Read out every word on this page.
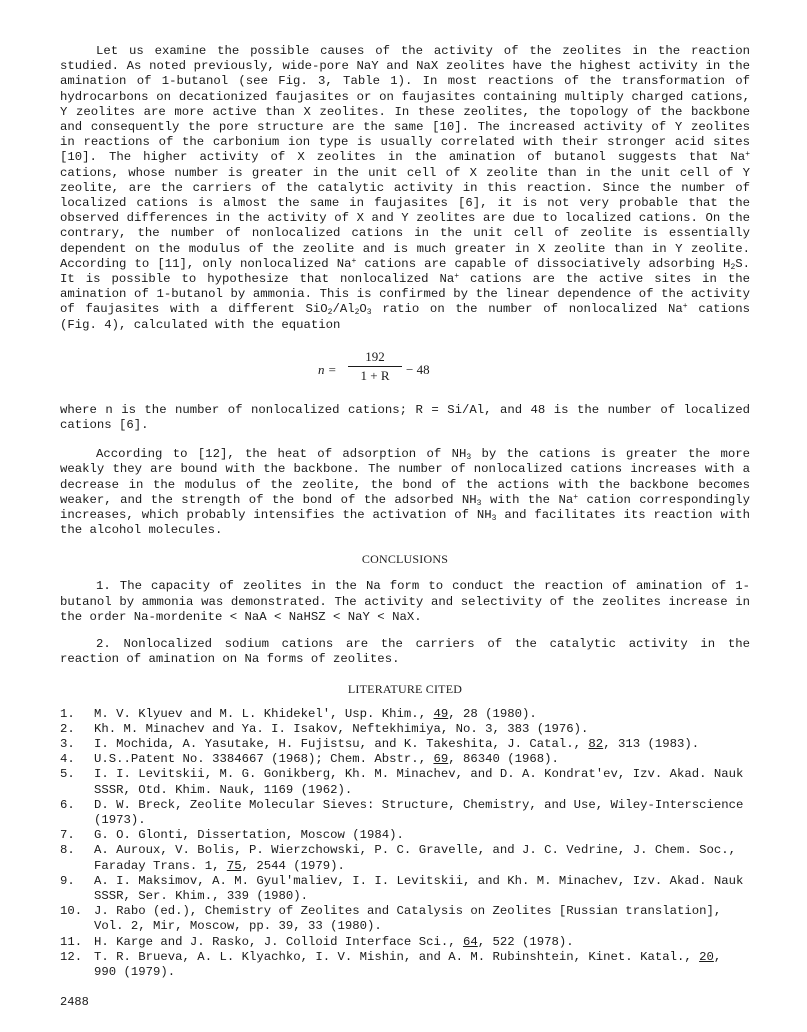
Let us examine the possible causes of the activity of the zeolites in the reaction studied. As noted previously, wide-pore NaY and NaX zeolites have the highest activity in the amination of 1-butanol (see Fig. 3, Table 1). In most reactions of the transformation of hydrocarbons on decationized faujasites or on faujasites containing multiply charged cations, Y zeolites are more active than X zeolites. In these zeolites, the topology of the backbone and consequently the pore structure are the same [10]. The increased activity of Y zeolites in reactions of the carbonium ion type is usually correlated with their stronger acid sites [10]. The higher activity of X zeolites in the amination of butanol suggests that Na+ cations, whose number is greater in the unit cell of X zeolite than in the unit cell of Y zeolite, are the carriers of the catalytic activity in this reaction. Since the number of localized cations is almost the same in faujasites [6], it is not very probable that the observed differences in the activity of X and Y zeolites are due to localized cations. On the contrary, the number of nonlocalized cations in the unit cell of zeolite is essentially dependent on the modulus of the zeolite and is much greater in X zeolite than in Y zeolite. According to [11], only nonlocalized Na+ cations are capable of dissociatively adsorbing $H_2S$. It is possible to hypothesize that nonlocalized Na+ cations are the active sites in the amination of 1-butanol by ammonia. This is confirmed by the linear dependence of the activity of faujasites with a different $SiO_2/Al_2O_3$ ratio on the number of nonlocalized Na+ cations (Fig. 4), calculated with the equation

where n is the number of nonlocalized cations; R = Si/Al, and 48 is the number of localized cations [6].

According to [12], the heat of adsorption of $NH_3$ by the cations is greater the more weakly they are bound with the backbone. The number of nonlocalized cations increases with a decrease in the modulus of the zeolite, the bond of the actions with the backbone becomes weaker, and the strength of the bond of the adsorbed $NH_3$ with the Na+ cation correspondingly increases, which probably intensifies the activation of $NH_3$ and facilitates its reaction with the alcohol molecules.

CONCLUSIONS

1. The capacity of zeolites in the Na form to conduct the reaction of amination of 1-butanol by ammonia was demonstrated. The activity and selectivity of the zeolites increase in the order Na-mordenite < NaA < NaHSZ < NaY < NaX.

2. Nonlocalized sodium cations are the carriers of the catalytic activity in the reaction of amination on Na forms of zeolites.

LITERATURE CITED
1. M. V. Klyuev and M. L. Khidekel', Usp. Khim., 49, 28 (1980).
2. Kh. M. Minachev and Ya. I. Isakov, Neftekhimiya, No. 3, 383 (1976).
3. I. Mochida, A. Yasutake, H. Fujistsu, and K. Takeshita, J. Catal., 82, 313 (1983).
4. U.S..Patent No. 3384667 (1968); Chem. Abstr., 69, 86340 (1968).
5. I. I. Levitskii, M. G. Gonikberg, Kh. M. Minachev, and D. A. Kondrat'ev, Izv. Akad. Nauk SSSR, Otd. Khim. Nauk, 1169 (1962).
6. D. W. Breck, Zeolite Molecular Sieves: Structure, Chemistry, and Use, Wiley-Interscience (1973).
7. G. O. Glonti, Dissertation, Moscow (1984).
8. A. Auroux, V. Bolis, P. Wierzchowski, P. C. Gravelle, and J. C. Vedrine, J. Chem. Soc., Faraday Trans. 1, 75, 2544 (1979).
9. A. I. Maksimov, A. M. Gyul'maliev, I. I. Levitskii, and Kh. M. Minachev, Izv. Akad. Nauk SSSR, Ser. Khim., 339 (1980).
10. J. Rabo (ed.), Chemistry of Zeolites and Catalysis on Zeolites [Russian translation], Vol. 2, Mir, Moscow, pp. 39, 33 (1980).
11. H. Karge and J. Rasko, J. Colloid Interface Sci., 64, 522 (1978).
12. T. R. Brueva, A. L. Klyachko, I. V. Mishin, and A. M. Rubinshtein, Kinet. Katal., 20, 990 (1979).
$n = \frac{192}{1 + R} - 48$
2488
